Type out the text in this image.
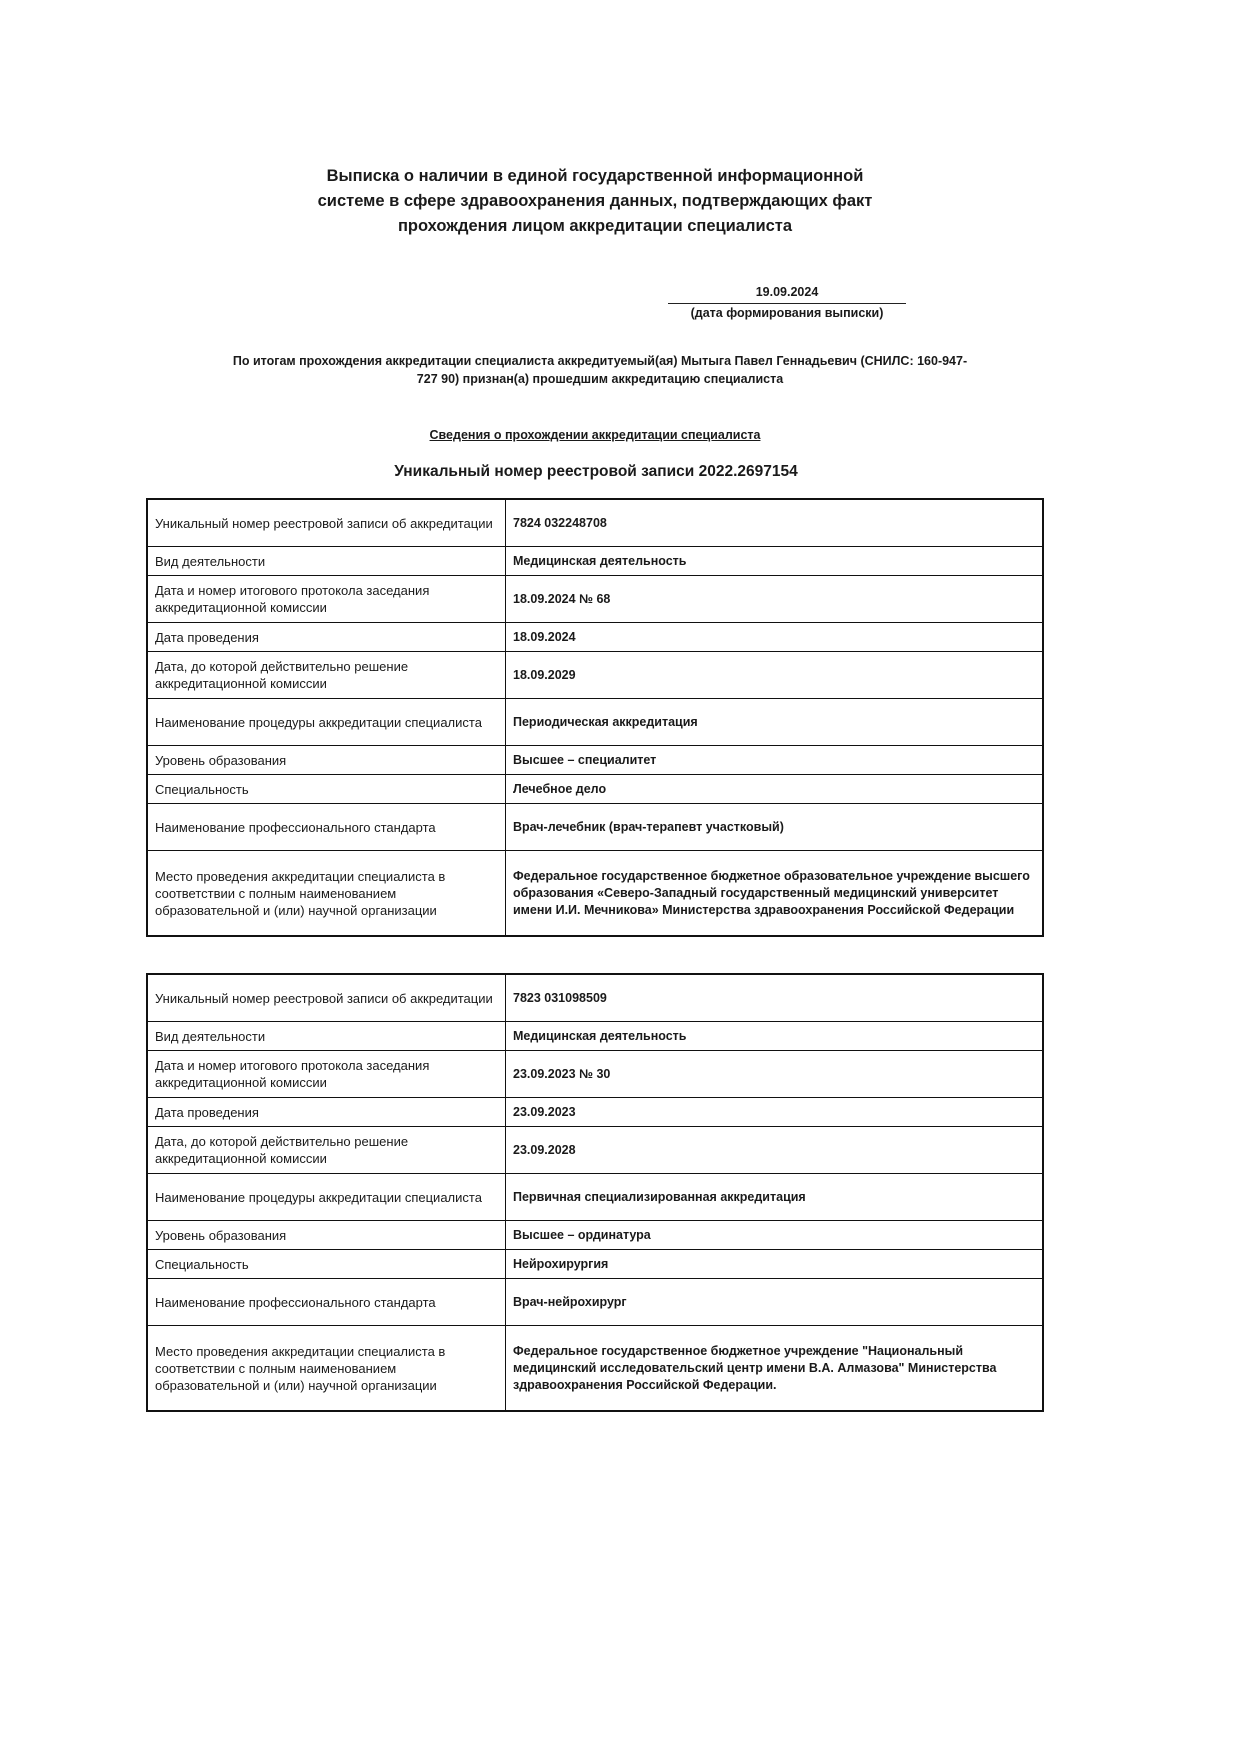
Выписка о наличии в единой государственной информационной
системе в сфере здравоохранения данных, подтверждающих факт
прохождения лицом аккредитации специалиста
19.09.2024
(дата формирования выписки)
По итогам прохождения аккредитации специалиста аккредитуемый(ая) Мытыга Павел Геннадьевич (СНИЛС: 160-947-
727 90) признан(а) прошедшим аккредитацию специалиста
Сведения о прохождении аккредитации специалиста
Уникальный номер реестровой записи 2022.2697154
Уникальный номер реестровой записи об аккредитации	7824 032248708
Вид деятельности	Медицинская деятельность
Дата и номер итогового протокола заседания аккредитационной комиссии	18.09.2024 № 68
Дата проведения	18.09.2024
Дата, до которой действительно решение аккредитационной комиссии	18.09.2029
Наименование процедуры аккредитации специалиста	Периодическая аккредитация
Уровень образования	Высшее – специалитет
Специальность	Лечебное дело
Наименование профессионального стандарта	Врач-лечебник (врач-терапевт участковый)
Место проведения аккредитации специалиста в соответствии с полным наименованием образовательной и (или) научной организации	Федеральное государственное бюджетное образовательное учреждение высшего образования «Северо-Западный государственный медицинский университет имени И.И. Мечникова» Министерства здравоохранения Российской Федерации
Уникальный номер реестровой записи об аккредитации	7823 031098509
Вид деятельности	Медицинская деятельность
Дата и номер итогового протокола заседания аккредитационной комиссии	23.09.2023 № 30
Дата проведения	23.09.2023
Дата, до которой действительно решение аккредитационной комиссии	23.09.2028
Наименование процедуры аккредитации специалиста	Первичная специализированная аккредитация
Уровень образования	Высшее – ординатура
Специальность	Нейрохирургия
Наименование профессионального стандарта	Врач-нейрохирург
Место проведения аккредитации специалиста в соответствии с полным наименованием образовательной и (или) научной организации	Федеральное государственное бюджетное учреждение "Национальный медицинский исследовательский центр имени В.А. Алмазова" Министерства здравоохранения Российской Федерации.
